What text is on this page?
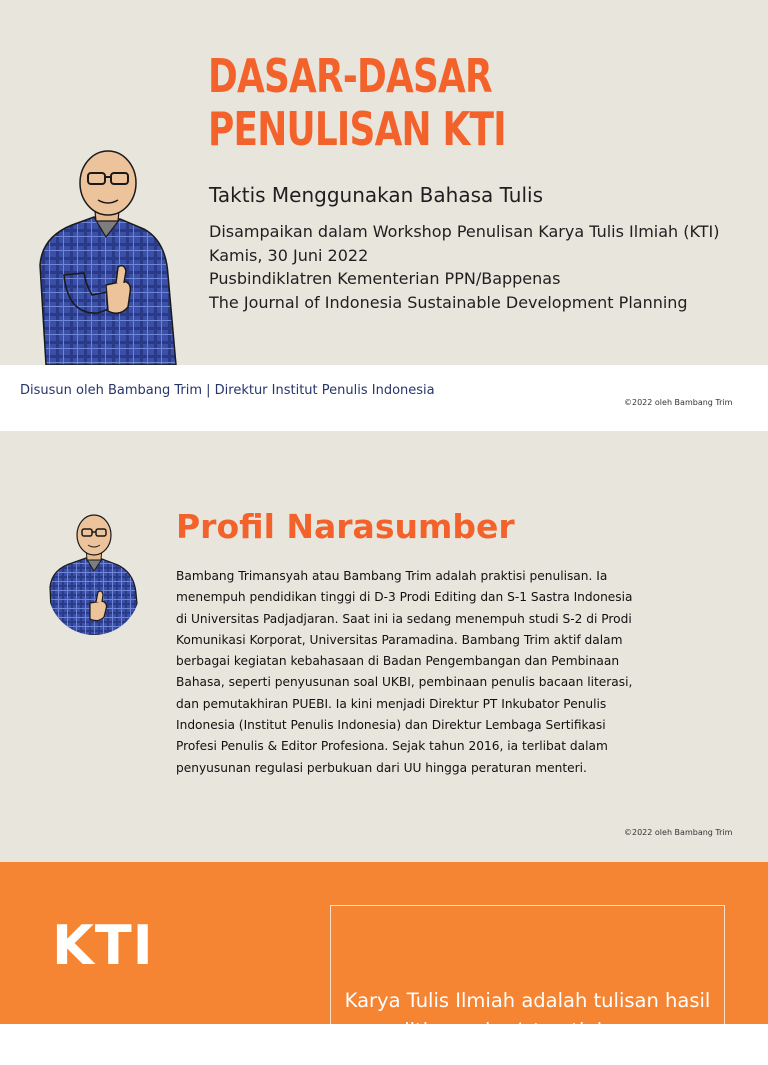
DASAR-DASAR
PENULISAN KTI
Taktis Menggunakan Bahasa Tulis
Disampaikan dalam Workshop Penulisan Karya Tulis Ilmiah (KTI)
Kamis, 30 Juni 2022
Pusbindiklatren Kementerian PPN/Bappenas
The Journal of Indonesia Sustainable Development Planning
Disusun oleh Bambang Trim | Direktur Institut Penulis Indonesia
©2022 oleh Bambang Trim
Profil Narasumber

Bambang Trimansyah atau Bambang Trim adalah praktisi penulisan. Ia menempuh pendidikan tinggi di D-3 Prodi Editing dan S-1 Sastra Indonesia di Universitas Padjadjaran. Saat ini ia sedang menempuh studi S-2 di Prodi Komunikasi Korporat, Universitas Paramadina. Bambang Trim aktif dalam berbagai kegiatan kebahasaan di Badan Pengembangan dan Pembinaan Bahasa, seperti penyusunan soal UKBI, pembinaan penulis bacaan literasi, dan pemutakhiran PUEBI. Ia kini menjadi Direktur PT Inkubator Penulis Indonesia (Institut Penulis Indonesia) dan Direktur Lembaga Sertifikasi Profesi Penulis & Editor Profesiona. Sejak tahun 2016, ia terlibat dalam penyusunan regulasi perbukuan dari UU hingga peraturan menteri.

©2022 oleh Bambang Trim
KTI

Karya Tulis Ilmiah adalah tulisan hasil litbang dan/atau tinjauan
